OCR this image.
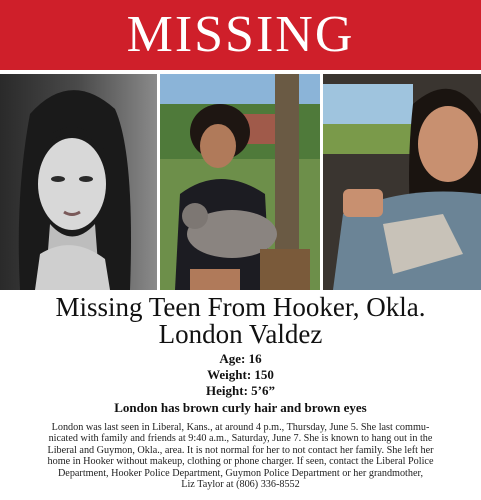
MISSING
Missing Teen From Hooker, Okla.
London Valdez
Age: 16
Weight: 150
Height: 5’6”
London has brown curly hair and brown eyes
London was last seen in Liberal, Kans., at around 4 p.m., Thursday, June 5. She last commu-
nicated with family and friends at 9:40 a.m., Saturday, June 7. She is known to hang out in the
Liberal and Guymon, Okla., area. It is not normal for her to not contact her family. She left her
home in Hooker without makeup, clothing or phone charger. If seen, contact the Liberal Police
Department, Hooker Police Department, Guymon Police Department or her grandmother,
Liz Taylor at (806) 336-8552
